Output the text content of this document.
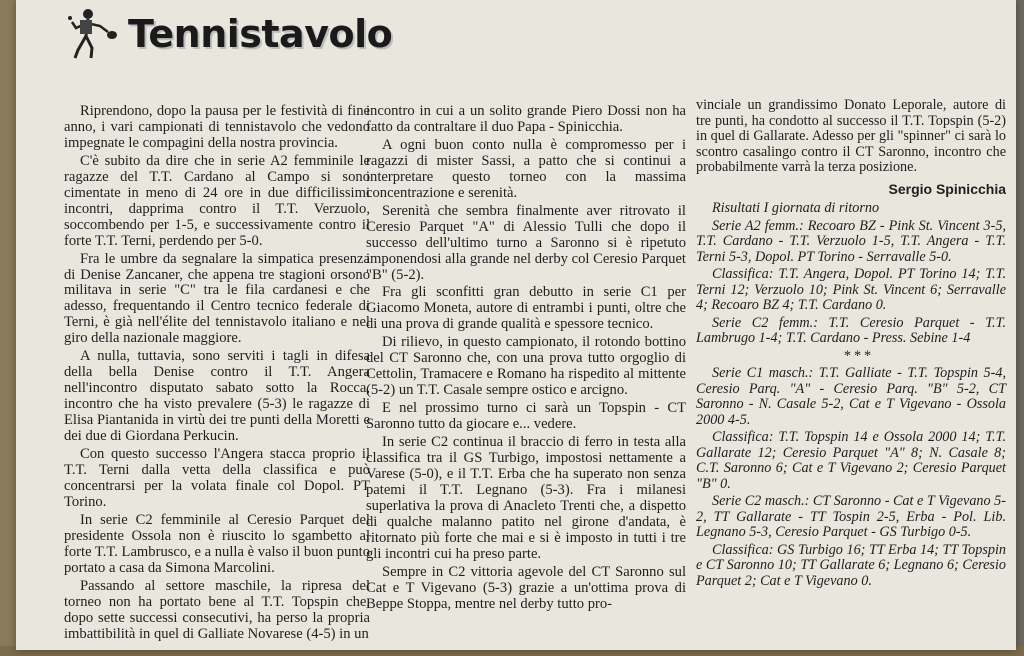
Tennistavolo

Riprendono, dopo la pausa per le festività di fine anno, i vari campionati di tennistavolo che vedono impegnate le compagini della nostra provincia.

C'è subito da dire che in serie A2 femminile le ragazze del T.T. Cardano al Campo si sono cimentate in meno di 24 ore in due difficilissimi incontri, dapprima contro il T.T. Verzuolo, soccombendo per 1-5, e successivamente contro il forte T.T. Terni, perdendo per 5-0.

Fra le umbre da segnalare la simpatica presenza di Denise Zancaner, che appena tre stagioni orsono militava in serie "C" tra le fila cardanesi e che adesso, frequentando il Centro tecnico federale di Terni, è già nell'élite del tennistavolo italiano e nel giro della nazionale maggiore.

A nulla, tuttavia, sono serviti i tagli in difesa della bella Denise contro il T.T. Angera nell'incontro disputato sabato sotto la Rocca, incontro che ha visto prevalere (5-3) le ragazze di Elisa Piantanida in virtù dei tre punti della Moretti e dei due di Giordana Perkucin.

Con questo successo l'Angera stacca proprio il T.T. Terni dalla vetta della classifica e può concentrarsi per la volata finale col Dopol. PT Torino.

In serie C2 femminile al Ceresio Parquet del presidente Ossola non è riuscito lo sgambetto al forte T.T. Lambrusco, e a nulla è valso il buon punto portato a casa da Simona Marcolini.

Passando al settore maschile, la ripresa del torneo non ha portato bene al T.T. Topspin che, dopo sette successi consecutivi, ha perso la propria imbattibilità in quel di Galliate Novarese (4-5) in un

incontro in cui a un solito grande Piero Dossi non ha fatto da contraltare il duo Papa - Spinicchia.

A ogni buon conto nulla è compromesso per i ragazzi di mister Sassi, a patto che si continui a interpretare questo torneo con la massima concentrazione e serenità.

Serenità che sembra finalmente aver ritrovato il Ceresio Parquet "A" di Alessio Tulli che dopo il successo dell'ultimo turno a Saronno si è ripetuto imponendosi alla grande nel derby col Ceresio Parquet "B" (5-2).

Fra gli sconfitti gran debutto in serie C1 per Giacomo Moneta, autore di entrambi i punti, oltre che di una prova di grande qualità e spessore tecnico.

Di rilievo, in questo campionato, il rotondo bottino del CT Saronno che, con una prova tutto orgoglio di Cettolin, Tramacere e Romano ha rispedito al mittente (5-2) un T.T. Casale sempre ostico e arcigno.

E nel prossimo turno ci sarà un Topspin - CT Saronno tutto da giocare e... vedere.

In serie C2 continua il braccio di ferro in testa alla classifica tra il GS Turbigo, impostosi nettamente a Varese (5-0), e il T.T. Erba che ha superato non senza patemi il T.T. Legnano (5-3). Fra i milanesi superlativa la prova di Anacleto Trenti che, a dispetto di qualche malanno patito nel girone d'andata, è ritornato più forte che mai e si è imposto in tutti i tre gli incontri cui ha preso parte.

Sempre in C2 vittoria agevole del CT Saronno sul Cat e T Vigevano (5-3) grazie a un'ottima prova di Beppe Stoppa, mentre nel derby tutto pro-

vinciale un grandissimo Donato Leporale, autore di tre punti, ha condotto al successo il T.T. Topspin (5-2) in quel di Gallarate. Adesso per gli "spinner" ci sarà lo scontro casalingo contro il CT Saronno, incontro che probabilmente varrà la terza posizione.

Sergio Spinicchia

Risultati I giornata di ritorno

Serie A2 femm.: Recoaro BZ - Pink St. Vincent 3-5, T.T. Cardano - T.T. Verzuolo 1-5, T.T. Angera - T.T. Terni 5-3, Dopol. PT Torino - Serravalle 5-0.

Classifica: T.T. Angera, Dopol. PT Torino 14; T.T. Terni 12; Verzuolo 10; Pink St. Vincent 6; Serravalle 4; Recoaro BZ 4; T.T. Cardano 0.

Serie C2 femm.: T.T. Ceresio Parquet - T.T. Lambrugo 1-4; T.T. Cardano - Press. Sebine 1-4

***

Serie C1 masch.: T.T. Galliate - T.T. Topspin 5-4, Ceresio Parq. "A" - Ceresio Parq. "B" 5-2, CT Saronno - N. Casale 5-2, Cat e T Vigevano - Ossola 2000 4-5.

Classifica: T.T. Topspin 14 e Ossola 2000 14; T.T. Gallarate 12; Ceresio Parquet "A" 8; N. Casale 8; C.T. Saronno 6; Cat e T Vigevano 2; Ceresio Parquet "B" 0.

Serie C2 masch.: CT Saronno - Cat e T Vigevano 5-2, TT Gallarate - TT Tospin 2-5, Erba - Pol. Lib. Legnano 5-3, Ceresio Parquet - GS Turbigo 0-5.

Classifica: GS Turbigo 16; TT Erba 14; TT Topspin e CT Saronno 10; TT Gallarate 6; Legnano 6; Ceresio Parquet 2; Cat e T Vigevano 0.
